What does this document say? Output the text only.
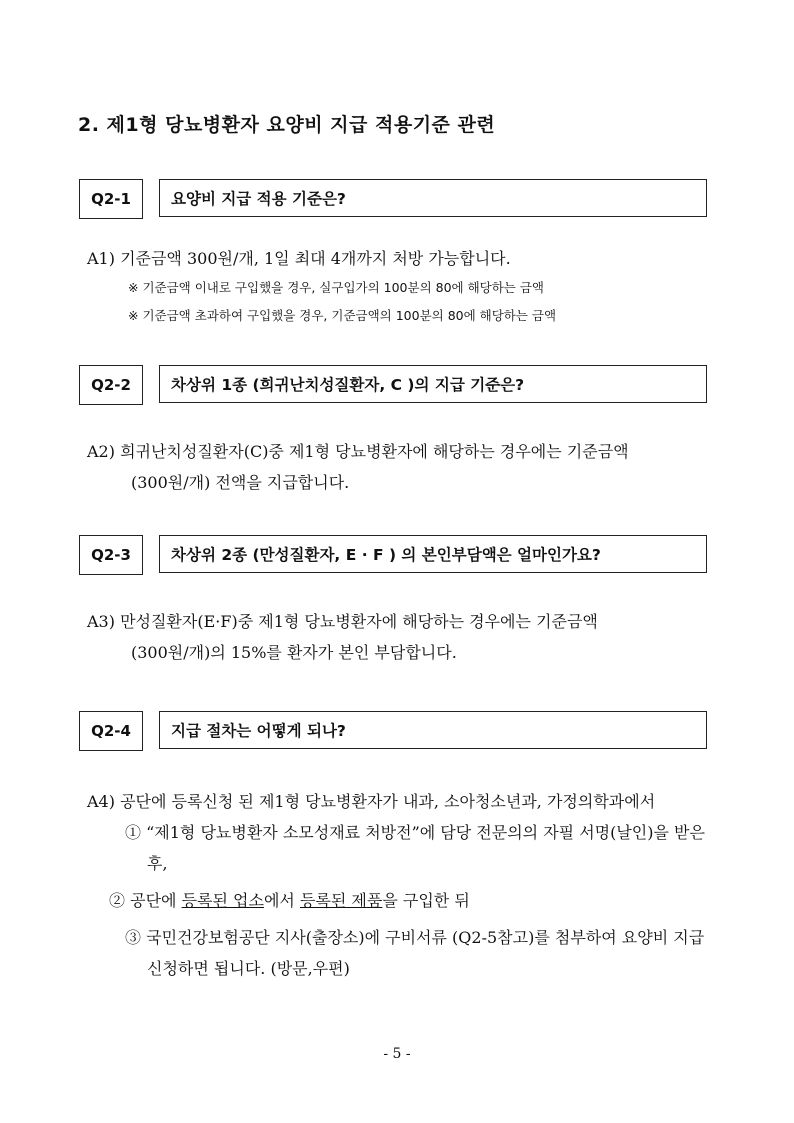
2. 제1형 당뇨병환자 요양비 지급 적용기준 관련
Q2-1	요양비 지급 적용 기준은?
A1) 기준금액 300원/개, 1일 최대 4개까지 처방 가능합니다.
※ 기준금액 이내로 구입했을 경우, 실구입가의 100분의 80에 해당하는 금액
※ 기준금액 초과하여 구입했을 경우, 기준금액의 100분의 80에 해당하는 금액
Q2-2	차상위 1종 (희귀난치성질환자, C )의 지급 기준은?
A2) 희귀난치성질환자(C)중 제1형 당뇨병환자에 해당하는 경우에는 기준금액
(300원/개) 전액을 지급합니다.
Q2-3	차상위 2종 (만성질환자, E · F ) 의 본인부담액은 얼마인가요?
A3) 만성질환자(E·F)중 제1형 당뇨병환자에 해당하는 경우에는 기준금액
(300원/개)의 15%를 환자가 본인 부담합니다.
Q2-4	지급 절차는 어떻게 되나?
A4) 공단에 등록신청 된 제1형 당뇨병환자가 내과, 소아청소년과, 가정의학과에서
① “제1형 당뇨병환자 소모성재료 처방전”에 담당 전문의의 자필 서명(날인)을 받은 후,
② 공단에 등록된 업소에서 등록된 제품을 구입한 뒤
③ 국민건강보험공단 지사(출장소)에 구비서류 (Q2-5참고)를 첨부하여 요양비 지급 신청하면 됩니다. (방문,우편)
- 5 -
